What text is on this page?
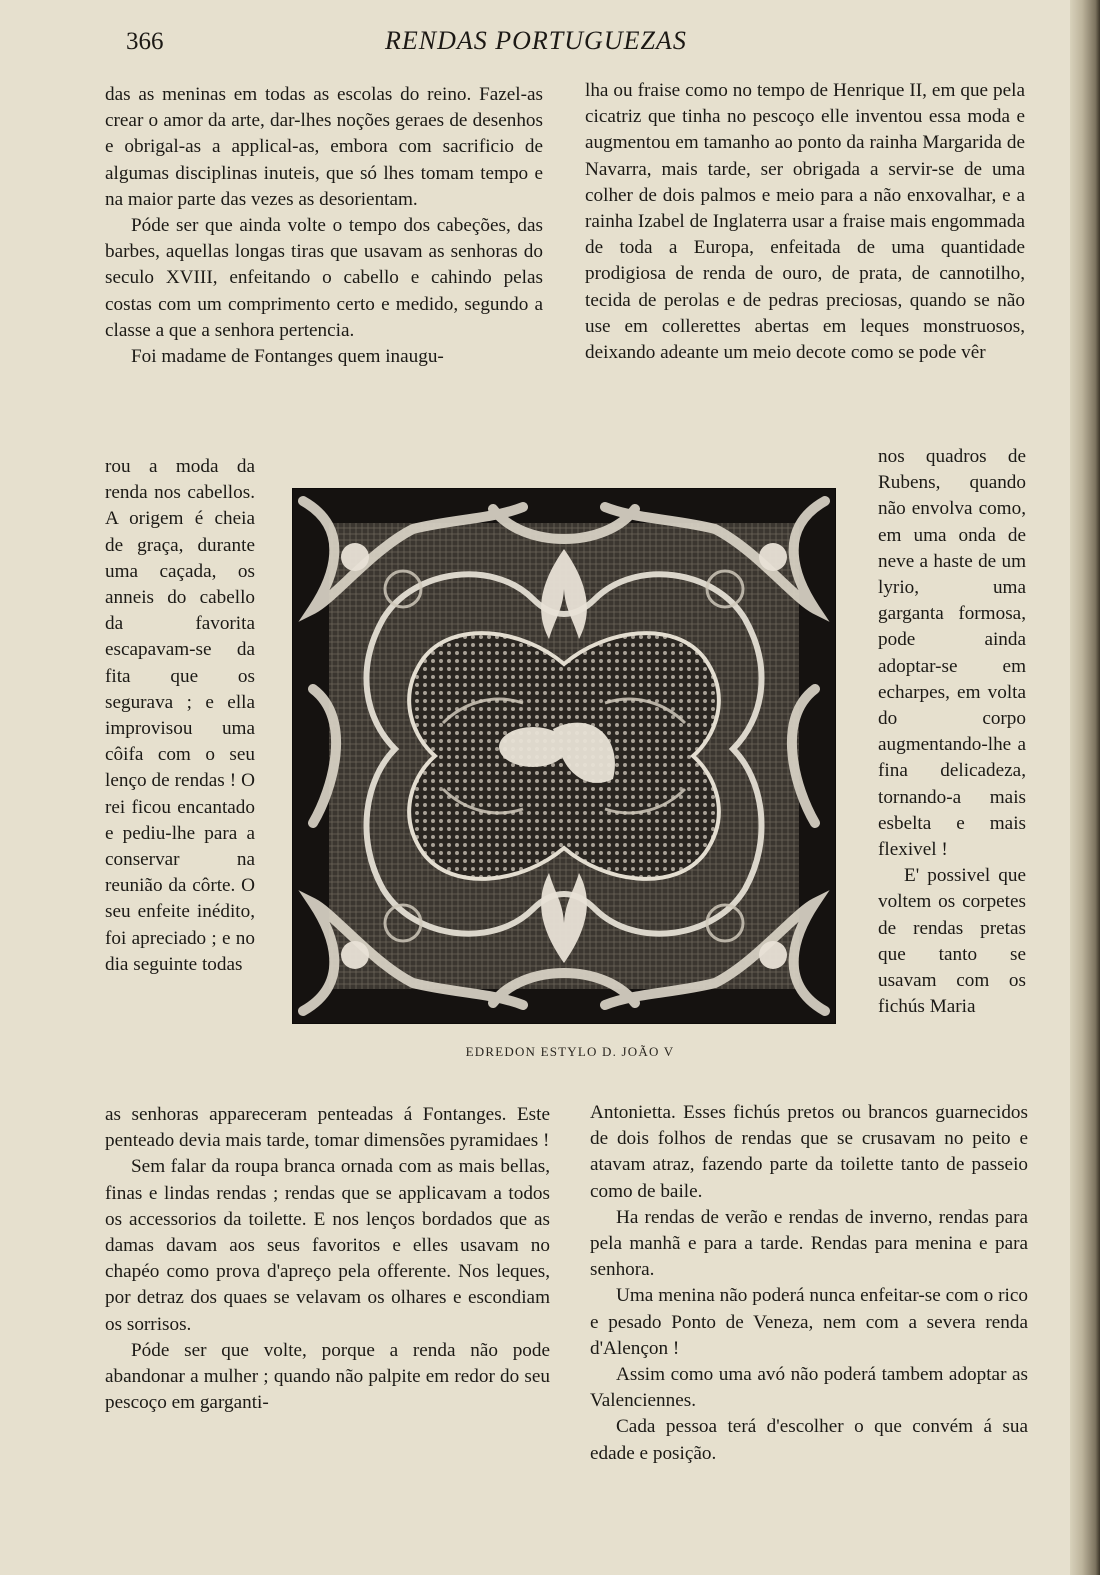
366	RENDAS PORTUGUEZAS

das as meninas em todas as escolas do reino. Fazel-as crear o amor da arte, dar-lhes noções geraes de desenhos e obrigal-as a applical-as, embora com sacrificio de algumas disciplinas inuteis, que só lhes tomam tempo e na maior parte das vezes as desorientam.

Póde ser que ainda volte o tempo dos cabeções, das barbes, aquellas longas tiras que usavam as senhoras do seculo XVIII, enfeitando o cabello e cahindo pelas costas com um comprimento certo e medido, segundo a classe a que a senhora pertencia.

Foi madame de Fontanges quem inaugu-

rou a moda da renda nos cabellos. A origem é cheia de graça, durante uma caçada, os anneis do cabello da favorita escapavam-se da fita que os segurava ; e ella improvisou uma côifa com o seu lenço de rendas ! O rei ficou encantado e pediu-lhe para a conservar na reunião da côrte. O seu enfeite inédito, foi apreciado ; e no dia seguinte todas

EDREDON ESTYLO D. JOÃO V

as senhoras appareceram penteadas á Fontanges. Este penteado devia mais tarde, tomar dimensões pyramidaes !

Sem falar da roupa branca ornada com as mais bellas, finas e lindas rendas ; rendas que se applicavam a todos os accessorios da toilette. E nos lenços bordados que as damas davam aos seus favoritos e elles usavam no chapéo como prova d'apreço pela offerente. Nos leques, por detraz dos quaes se velavam os olhares e escondiam os sorrisos.

Póde ser que volte, porque a renda não pode abandonar a mulher ; quando não palpite em redor do seu pescoço em garganti-

lha ou fraise como no tempo de Henrique II, em que pela cicatriz que tinha no pescoço elle inventou essa moda e augmentou em tamanho ao ponto da rainha Margarida de Navarra, mais tarde, ser obrigada a servir-se de uma colher de dois palmos e meio para a não enxovalhar, e a rainha Izabel de Inglaterra usar a fraise mais engommada de toda a Europa, enfeitada de uma quantidade prodigiosa de renda de ouro, de prata, de cannotilho, tecida de perolas e de pedras preciosas, quando se não use em collerettes abertas em leques monstruosos, deixando adeante um meio decote como se pode vêr

nos quadros de Rubens, quando não envolva como, em uma onda de neve a haste de um lyrio, uma garganta formosa, pode ainda adoptar-se em echarpes, em volta do corpo augmentando-lhe a fina delicadeza, tornando-a mais esbelta e mais flexivel !

E' possivel que voltem os corpetes de rendas pretas que tanto se usavam com os fichús Maria

Antonietta. Esses fichús pretos ou brancos guarnecidos de dois folhos de rendas que se crusavam no peito e atavam atraz, fazendo parte da toilette tanto de passeio como de baile.

Ha rendas de verão e rendas de inverno, rendas para pela manhã e para a tarde. Rendas para menina e para senhora.

Uma menina não poderá nunca enfeitar-se com o rico e pesado Ponto de Veneza, nem com a severa renda d'Alençon !

Assim como uma avó não poderá tambem adoptar as Valenciennes.

Cada pessoa terá d'escolher o que convém á sua edade e posição.
